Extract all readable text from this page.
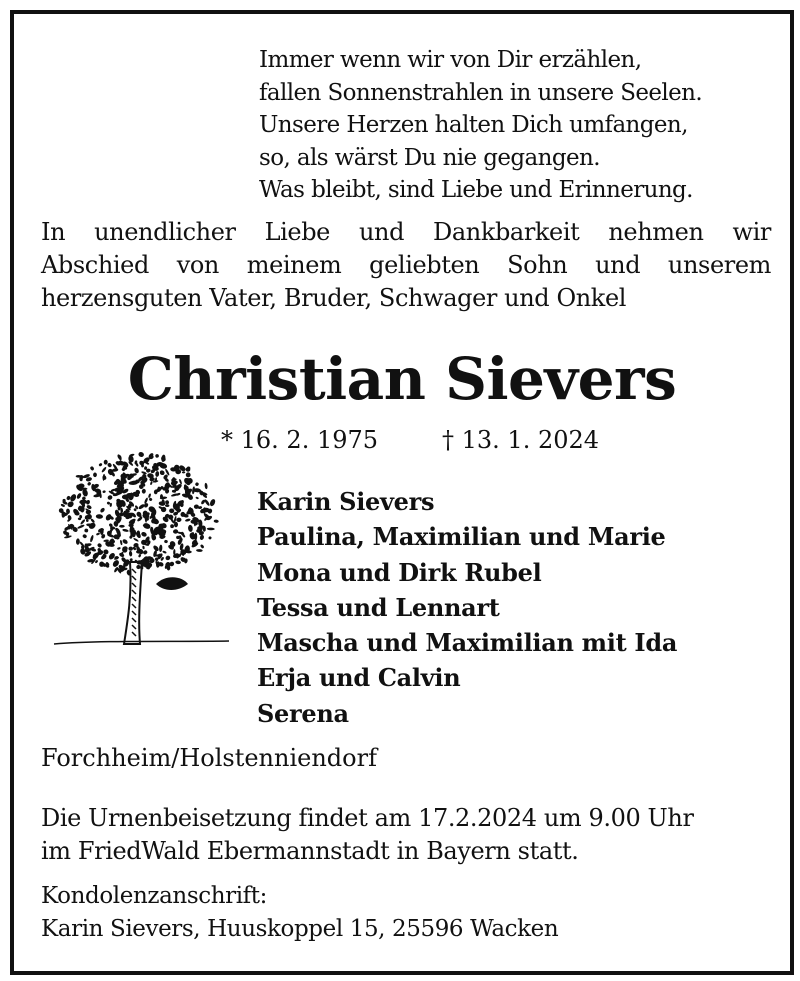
Immer wenn wir von Dir erzählen,
fallen Sonnenstrahlen in unsere Seelen.
Unsere Herzen halten Dich umfangen,
so, als wärst Du nie gegangen.
Was bleibt, sind Liebe und Erinnerung.
In unendlicher Liebe und Dankbarkeit nehmen wir
Abschied von meinem geliebten Sohn und unserem
herzensguten Vater, Bruder, Schwager und Onkel
Christian Sievers
* 16. 2. 1975	† 13. 1. 2024
Karin Sievers
Paulina, Maximilian und Marie
Mona und Dirk Rubel
Tessa und Lennart
Mascha und Maximilian mit Ida
Erja und Calvin
Serena
Forchheim/Holstenniendorf
Die Urnenbeisetzung findet am 17.2.2024 um 9.00 Uhr
im FriedWald Ebermannstadt in Bayern statt.
Kondolenzanschrift:
Karin Sievers, Huuskoppel 15, 25596 Wacken
